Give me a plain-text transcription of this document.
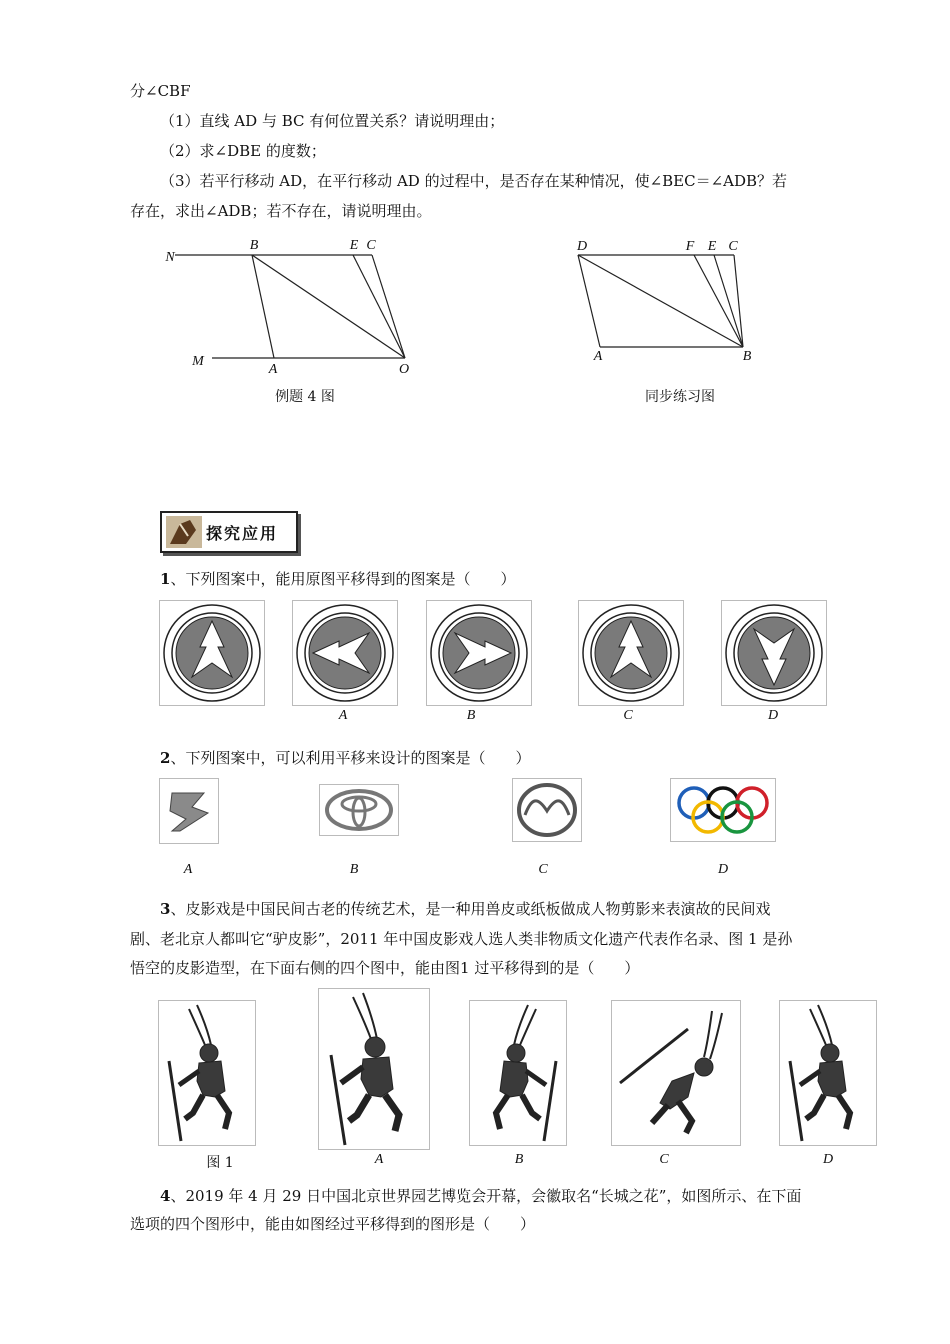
分∠CBF
（1）直线 AD 与 BC 有何位置关系？请说明理由；
（2）求∠DBE 的度数；
（3）若平行移动 AD，在平行移动 AD 的过程中，是否存在某种情况，使∠BEC＝∠ADB？若
存在，求出∠ADB；若不存在，请说明理由。
N
B	E C
M
A	O
例题 4 图
D	F E C
A	B
同步练习图
探究应用
1、下列图案中，能用原图平移得到的图案是（　　）
A	B	C	D
2、下列图案中，可以利用平移来设计的图案是（　　）
A	B	C	D
3、皮影戏是中国民间古老的传统艺术，是一种用兽皮或纸板做成人物剪影来表演故的民间戏
剧、老北京人都叫它“驴皮影”，2011 年中国皮影戏人选人类非物质文化遗产代表作名录、图 1 是孙
悟空的皮影造型，在下面右侧的四个图中，能由图1 过平移得到的是（　　）
图 1	A	B	C	D
4、2019 年 4 月 29 日中国北京世界园艺博览会开幕，会徽取名“长城之花”，如图所示、在下面
选项的四个图形中，能由如图经过平移得到的图形是（　　）
